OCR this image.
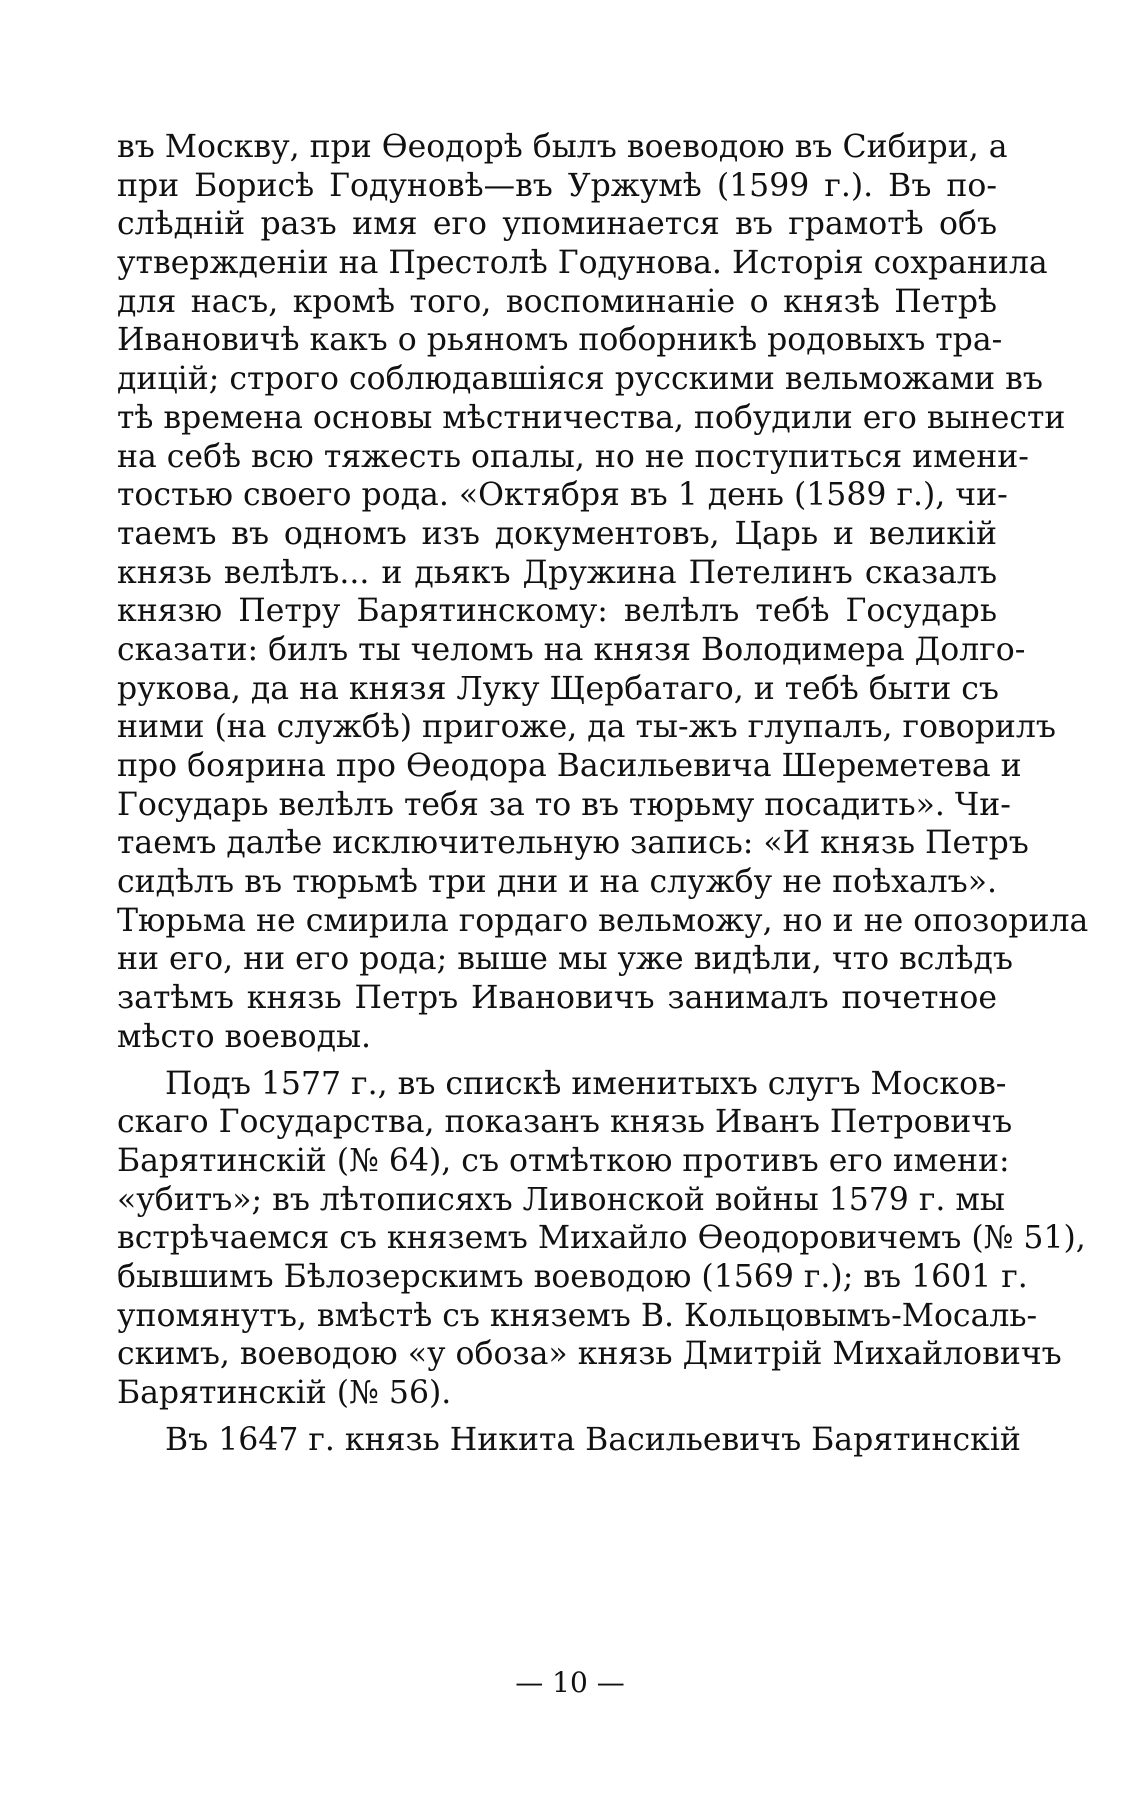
въ Москву, при Ѳеодорѣ былъ воеводою въ Сибири, а
при Борисѣ Годуновѣ—въ Уржумѣ (1599 г.). Въ по-
слѣдній разъ имя его упоминается въ грамотѣ объ
утвержденіи на Престолѣ Годунова. Исторія сохранила
для насъ, кромѣ того, воспоминаніе о князѣ Петрѣ
Ивановичѣ какъ о рьяномъ поборникѣ родовыхъ тра-
дицій; строго соблюдавшіяся русскими вельможами въ
тѣ времена основы мѣстничества, побудили его вынести
на себѣ всю тяжесть опалы, но не поступиться имени-
тостью своего рода. «Октября въ 1 день (1589 г.), чи-
таемъ въ одномъ изъ документовъ, Царь и великій
князь велѣлъ... и дьякъ Дружина Петелинъ сказалъ
князю Петру Барятинскому: велѣлъ тебѣ Государь
сказати: билъ ты челомъ на князя Володимера Долго-
рукова, да на князя Луку Щербатаго, и тебѣ быти съ
ними (на службѣ) пригоже, да ты-жъ глупалъ, говорилъ
про боярина про Ѳеодора Васильевича Шереметева и
Государь велѣлъ тебя за то въ тюрьму посадить». Чи-
таемъ далѣе исключительную запись: «И князь Петръ
сидѣлъ въ тюрьмѣ три дни и на службу не поѣхалъ».
Тюрьма не смирила гордаго вельможу, но и не опозорила
ни его, ни его рода; выше мы уже видѣли, что вслѣдъ
затѣмъ князь Петръ Ивановичъ занималъ почетное
мѣсто воеводы.
Подъ 1577 г., въ спискѣ именитыхъ слугъ Москов-
скаго Государства, показанъ князь Иванъ Петровичъ
Барятинскій (№ 64), съ отмѣткою противъ его имени:
«убитъ»; въ лѣтописяхъ Ливонской войны 1579 г. мы
встрѣчаемся съ княземъ Михайло Ѳеодоровичемъ (№ 51),
бывшимъ Бѣлозерскимъ воеводою (1569 г.); въ 1601 г.
упомянутъ, вмѣстѣ съ княземъ В. Кольцовымъ-Мосаль-
скимъ, воеводою «у обоза» князь Дмитрій Михайловичъ
Барятинскій (№ 56).
Въ 1647 г. князь Никита Васильевичъ Барятинскій
— 10 —
